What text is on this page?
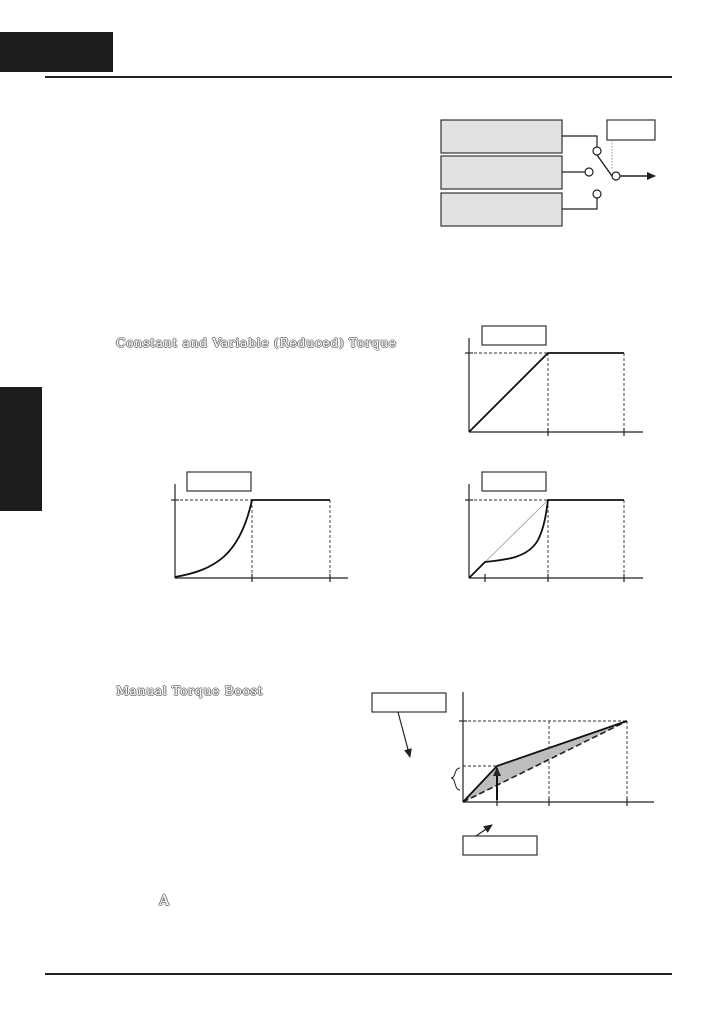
Constant and Variable (Reduced) Torque
Manual Torque Boost
A
